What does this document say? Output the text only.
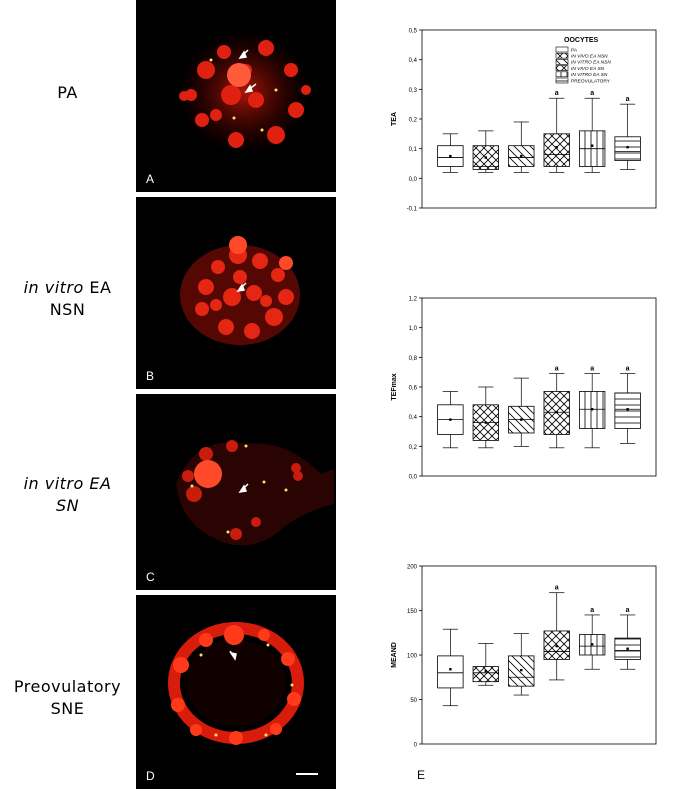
PA
in vitro EA
NSN
in vitro EA
SN
Preovulatory
SNE
A
B
C
D
-0,1
0,0
0,1
0,2
0,3
0,4
0,5
TEA
a	a
a
0,0
0,2
0,4
0,6
0,8
1,0
1,2
TEFmax
a	a	a
0
50
100
150
200
MEAND
a
a	a
OOCYTES
PA
IN VIVO EA NSN
IN VITRO EA NSN
IN VIVO EA SN
IN VITRO EA SN
PREOVULATORY
E
